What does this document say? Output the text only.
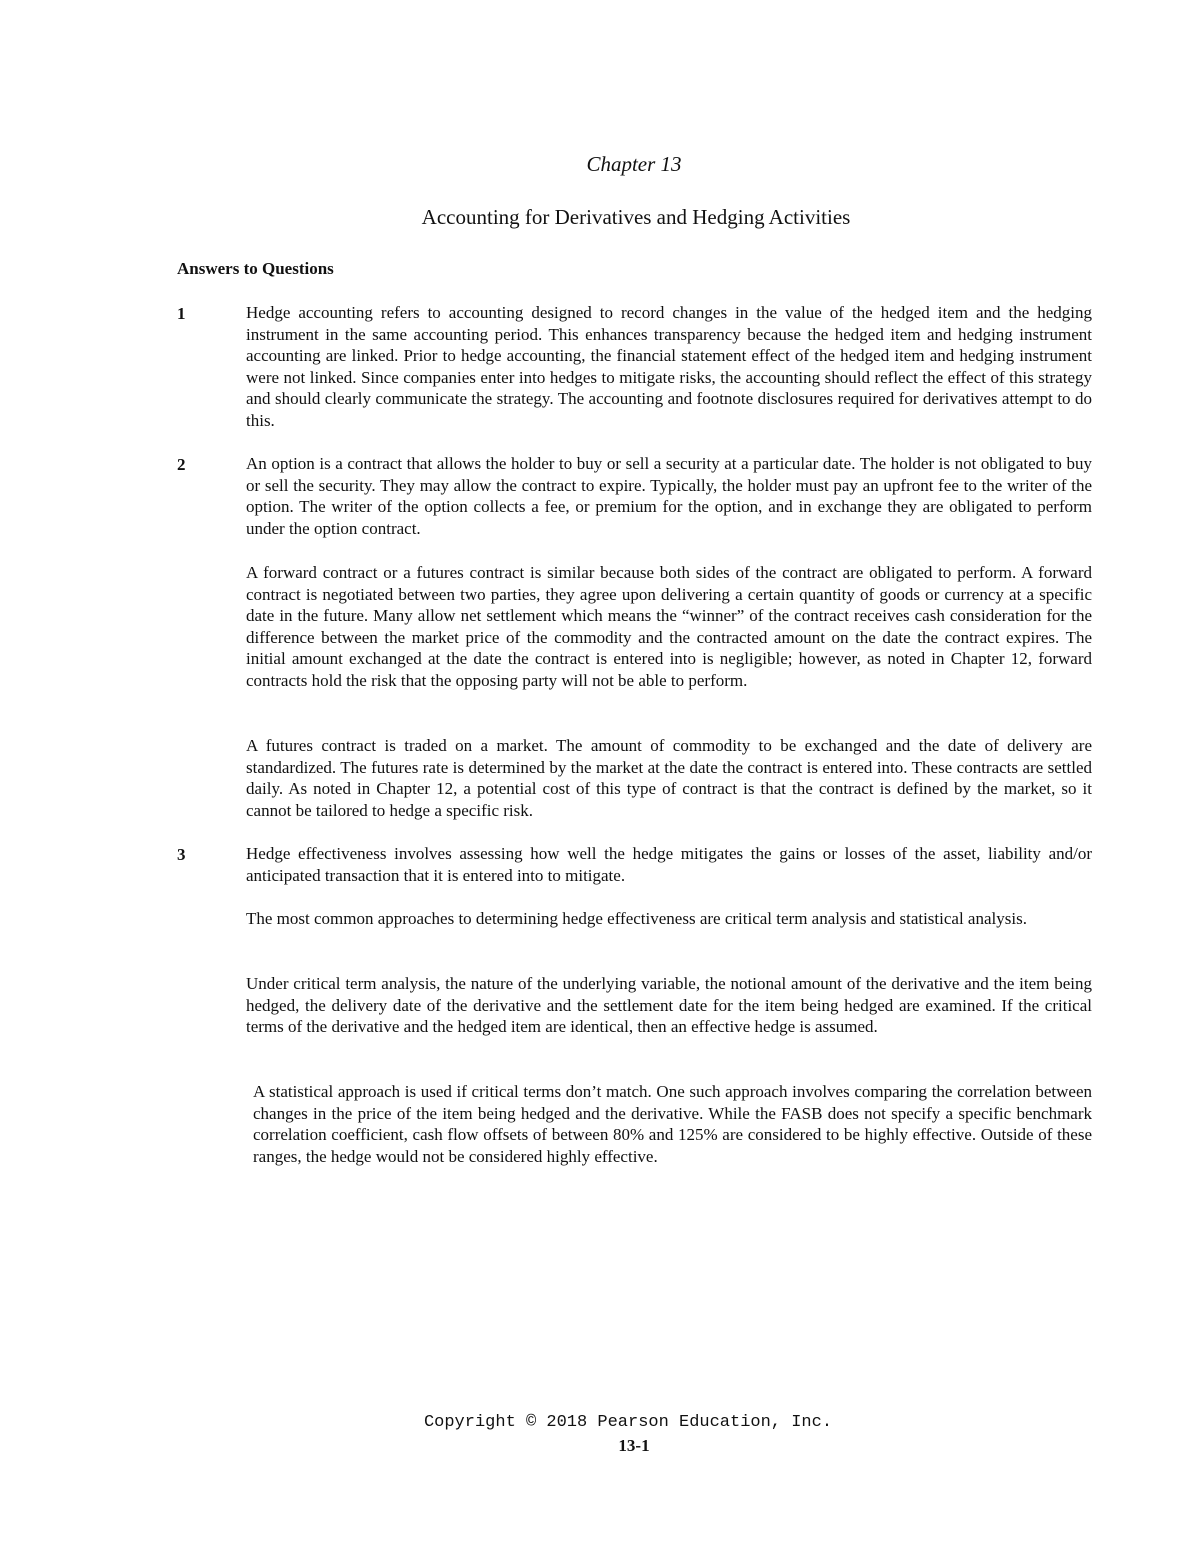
Chapter 13
Accounting for Derivatives and Hedging Activities
Answers to Questions
1	Hedge accounting refers to accounting designed to record changes in the value of the hedged item and the hedging instrument in the same accounting period. This enhances transparency because the hedged item and hedging instrument accounting are linked. Prior to hedge accounting, the financial statement effect of the hedged item and hedging instrument were not linked. Since companies enter into hedges to mitigate risks, the accounting should reflect the effect of this strategy and should clearly communicate the strategy. The accounting and footnote disclosures required for derivatives attempt to do this.
2	An option is a contract that allows the holder to buy or sell a security at a particular date. The holder is not obligated to buy or sell the security. They may allow the contract to expire. Typically, the holder must pay an upfront fee to the writer of the option. The writer of the option collects a fee, or premium for the option, and in exchange they are obligated to perform under the option contract.
A forward contract or a futures contract is similar because both sides of the contract are obligated to perform. A forward contract is negotiated between two parties, they agree upon delivering a certain quantity of goods or currency at a specific date in the future. Many allow net settlement which means the “winner” of the contract receives cash consideration for the difference between the market price of the commodity and the contracted amount on the date the contract expires. The initial amount exchanged at the date the contract is entered into is negligible; however, as noted in Chapter 12, forward contracts hold the risk that the opposing party will not be able to perform.
A futures contract is traded on a market. The amount of commodity to be exchanged and the date of delivery are standardized. The futures rate is determined by the market at the date the contract is entered into. These contracts are settled daily. As noted in Chapter 12, a potential cost of this type of contract is that the contract is defined by the market, so it cannot be tailored to hedge a specific risk.
3	Hedge effectiveness involves assessing how well the hedge mitigates the gains or losses of the asset, liability and/or anticipated transaction that it is entered into to mitigate.
The most common approaches to determining hedge effectiveness are critical term analysis and statistical analysis.
Under critical term analysis, the nature of the underlying variable, the notional amount of the derivative and the item being hedged, the delivery date of the derivative and the settlement date for the item being hedged are examined. If the critical terms of the derivative and the hedged item are identical, then an effective hedge is assumed.
A statistical approach is used if critical terms don’t match. One such approach involves comparing the correlation between changes in the price of the item being hedged and the derivative. While the FASB does not specify a specific benchmark correlation coefficient, cash flow offsets of between 80% and 125% are considered to be highly effective. Outside of these ranges, the hedge would not be considered highly effective.
Copyright © 2018 Pearson Education, Inc.
13-1
